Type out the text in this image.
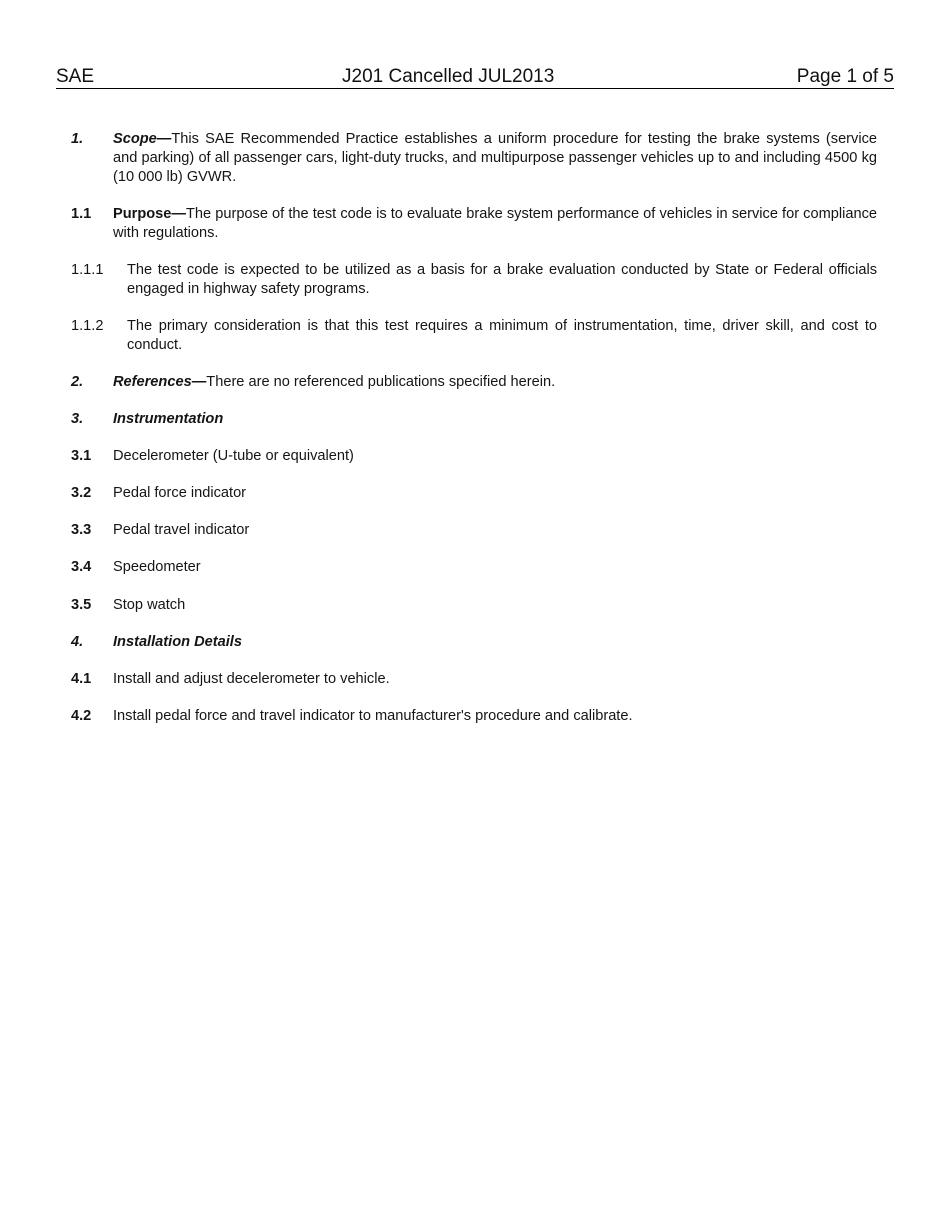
SAE	J201 Cancelled JUL2013	Page 1 of 5
1. Scope—This SAE Recommended Practice establishes a uniform procedure for testing the brake systems (service and parking) of all passenger cars, light-duty trucks, and multipurpose passenger vehicles up to and including 4500 kg (10 000 lb) GVWR.
1.1 Purpose—The purpose of the test code is to evaluate brake system performance of vehicles in service for compliance with regulations.
1.1.1 The test code is expected to be utilized as a basis for a brake evaluation conducted by State or Federal officials engaged in highway safety programs.
1.1.2 The primary consideration is that this test requires a minimum of instrumentation, time, driver skill, and cost to conduct.
2. References—There are no referenced publications specified herein.
3. Instrumentation
3.1 Decelerometer (U-tube or equivalent)
3.2 Pedal force indicator
3.3 Pedal travel indicator
3.4 Speedometer
3.5 Stop watch
4. Installation Details
4.1 Install and adjust decelerometer to vehicle.
4.2 Install pedal force and travel indicator to manufacturer's procedure and calibrate.
